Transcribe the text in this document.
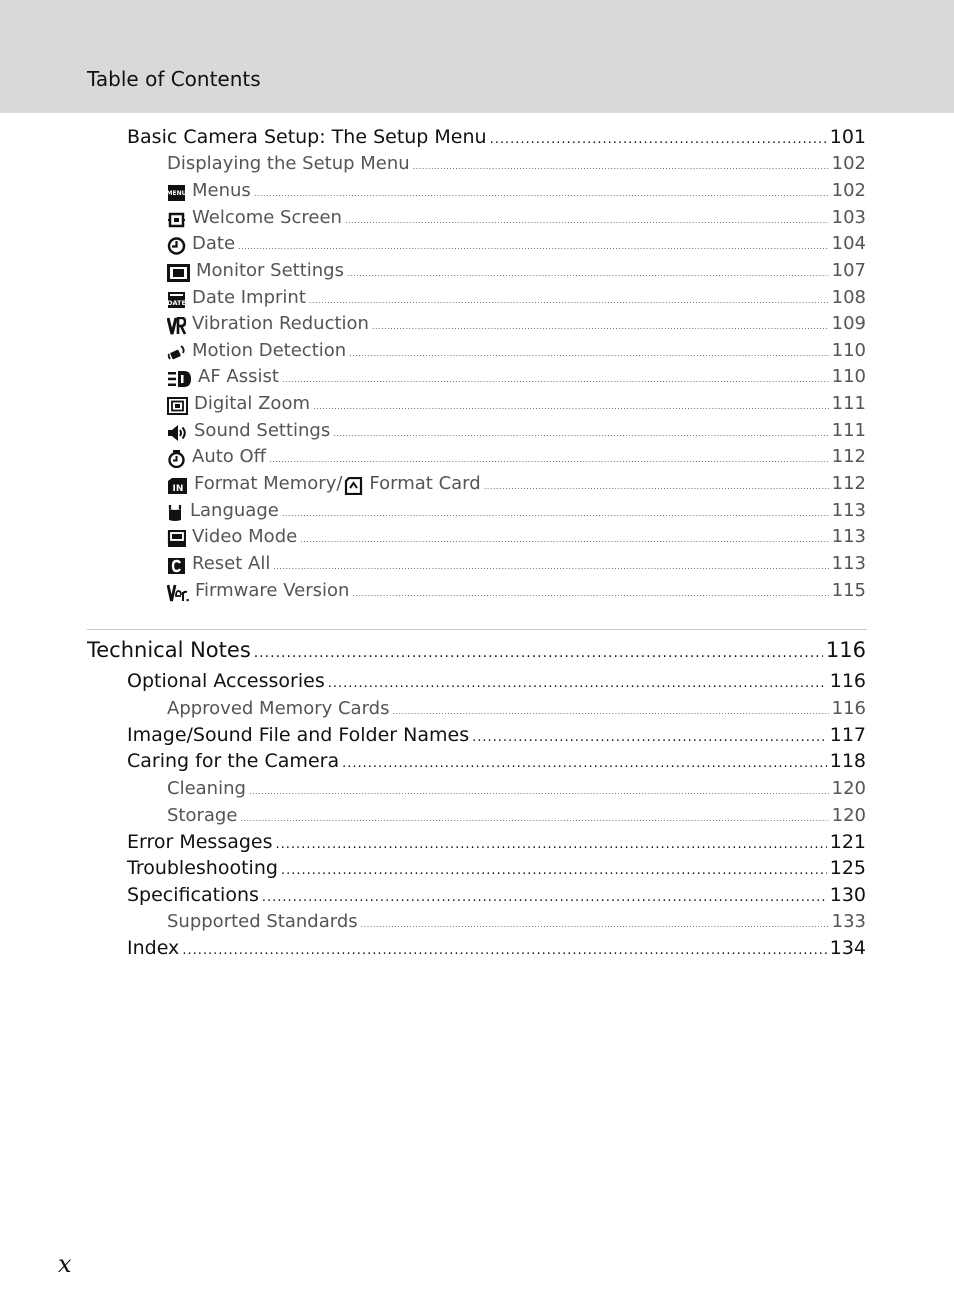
Table of Contents
Basic Camera Setup: The Setup Menu .....	101
Displaying the Setup Menu .....	102
MENU Menus .....	102
Welcome Screen .....	103
Date .....	104
Monitor Settings .....	107
DATE Date Imprint .....	108
Vibration Reduction .....	109
Motion Detection .....	110
AF Assist .....	110
Digital Zoom .....	111
Sound Settings .....	111
Auto Off .....	112
IN Format Memory/ Format Card .....	112
Language .....	113
Video Mode .....	113
Reset All .....	113
Firmware Version .....	115
Technical Notes .....	116
Optional Accessories .....	116
Approved Memory Cards .....	116
Image/Sound File and Folder Names .....	117
Caring for the Camera .....	118
Cleaning .....	120
Storage .....	120
Error Messages .....	121
Troubleshooting .....	125
Specifications .....	130
Supported Standards .....	133
Index .....	134
x
